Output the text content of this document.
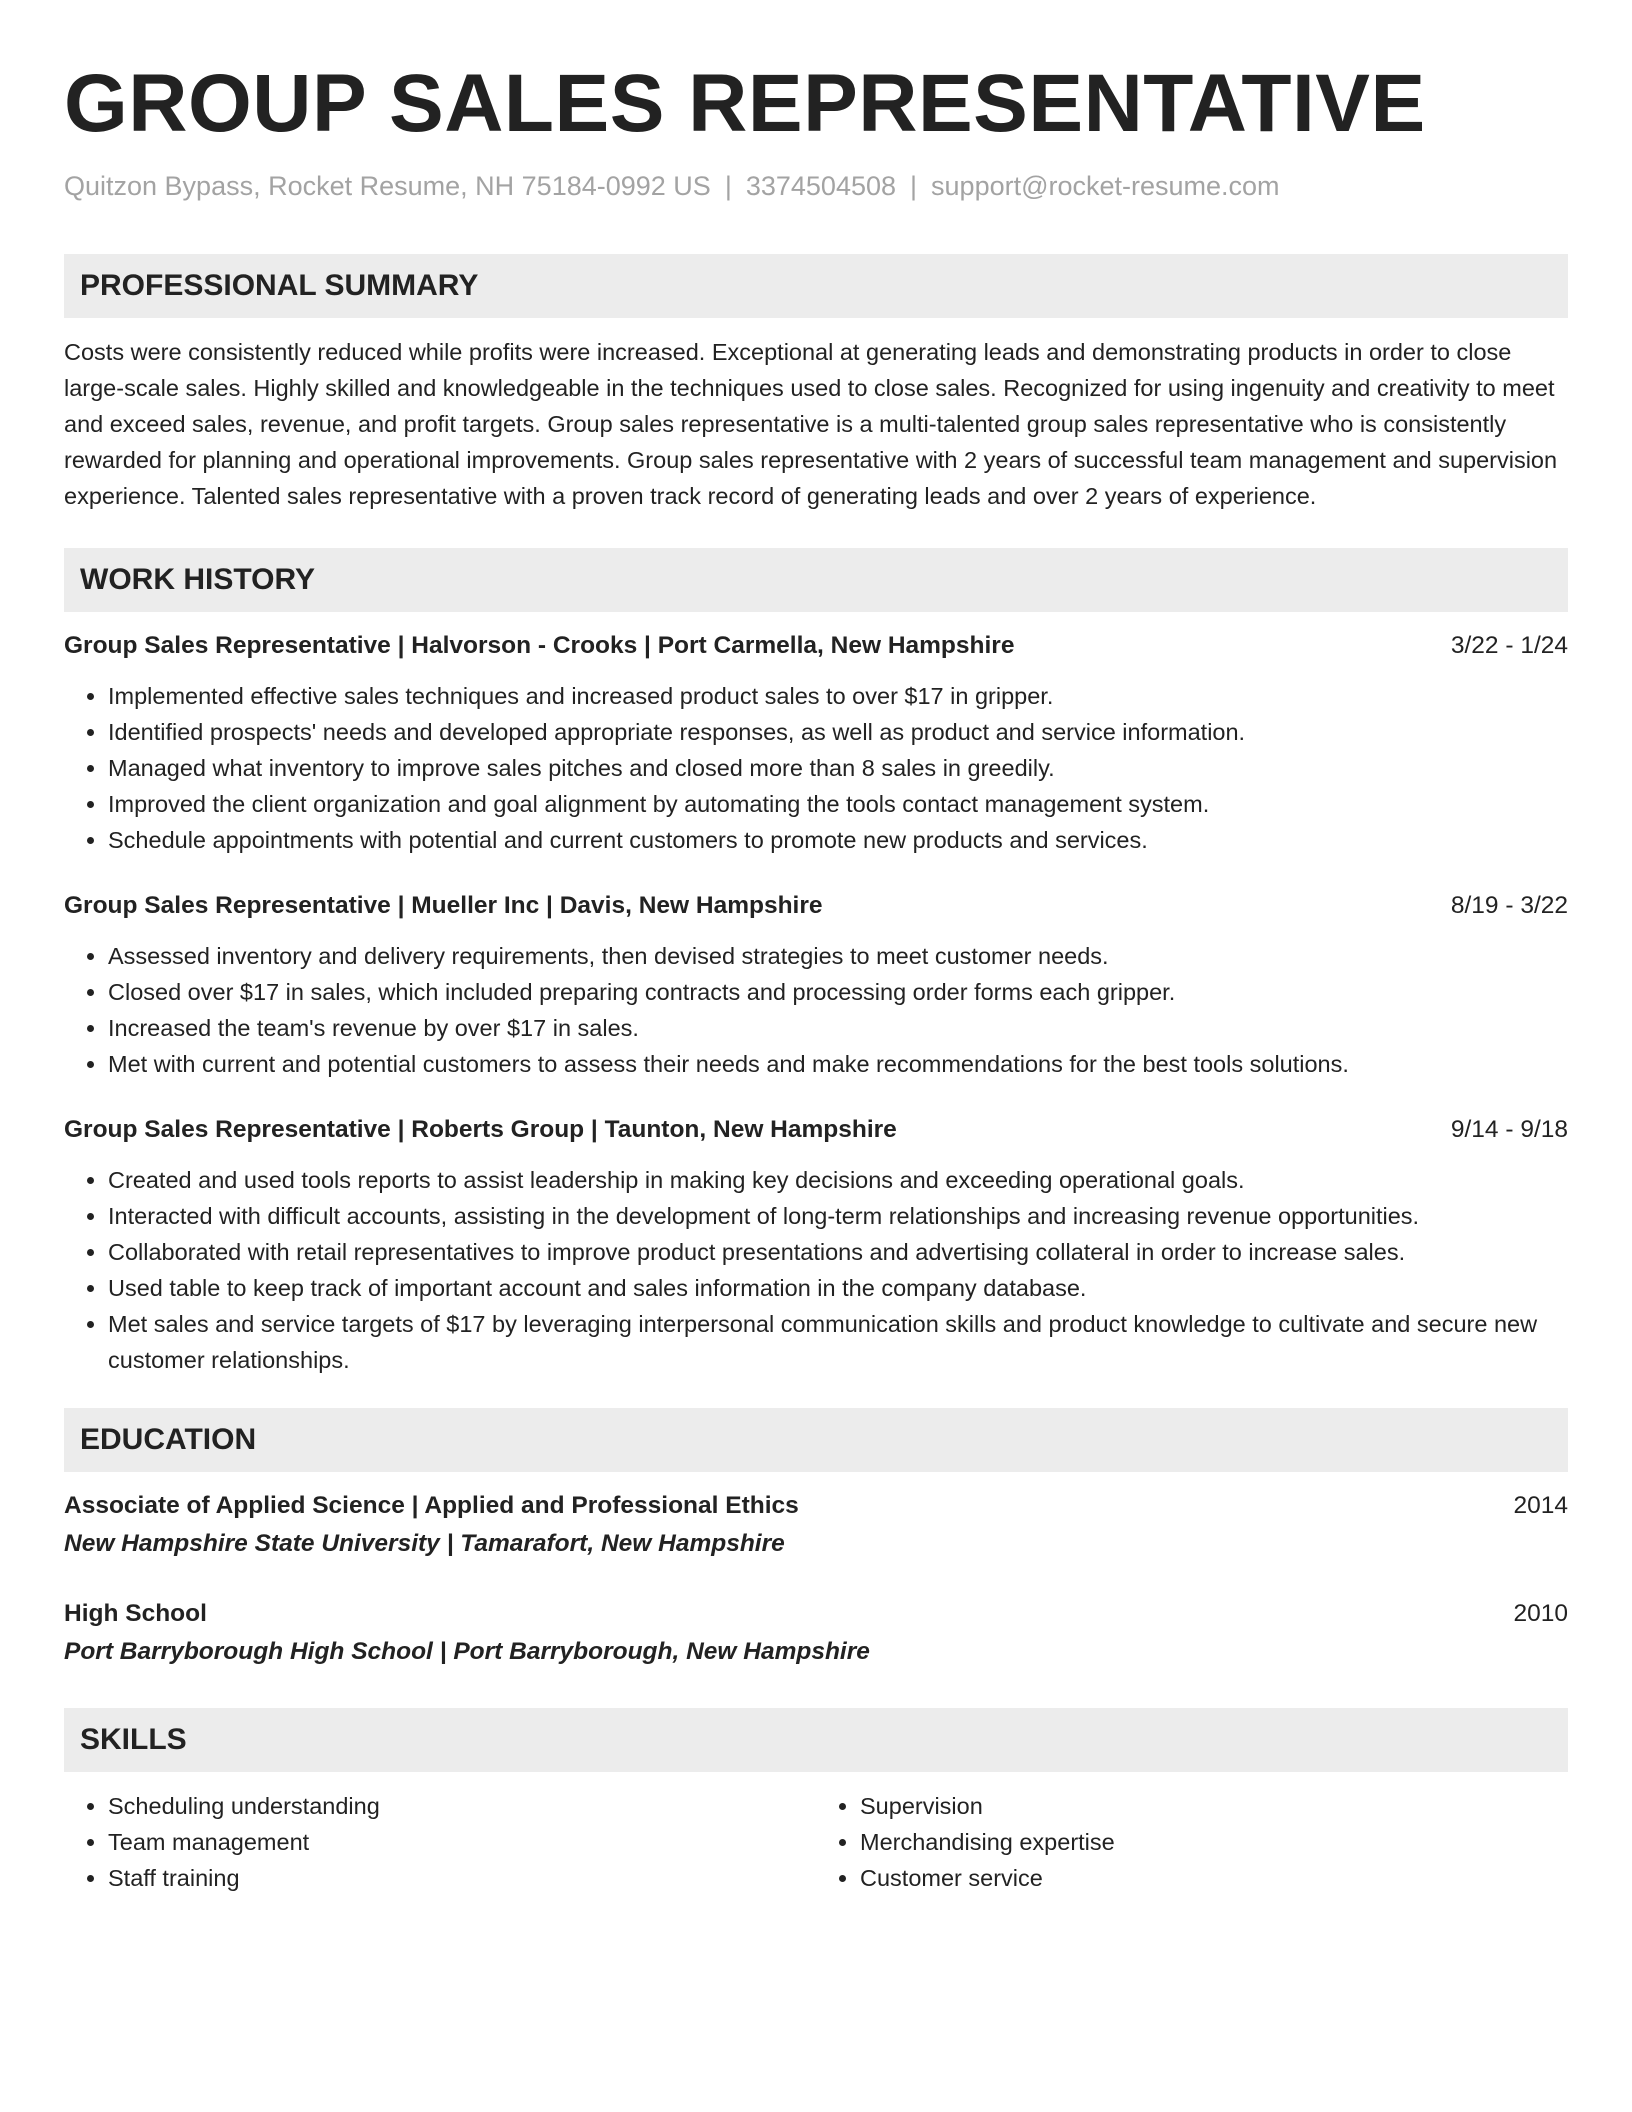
GROUP SALES REPRESENTATIVE
Quitzon Bypass, Rocket Resume, NH 75184-0992 US | 3374504508 | support@rocket-resume.com
PROFESSIONAL SUMMARY
Costs were consistently reduced while profits were increased. Exceptional at generating leads and demonstrating products in order to close large-scale sales. Highly skilled and knowledgeable in the techniques used to close sales. Recognized for using ingenuity and creativity to meet and exceed sales, revenue, and profit targets. Group sales representative is a multi-talented group sales representative who is consistently rewarded for planning and operational improvements. Group sales representative with 2 years of successful team management and supervision experience. Talented sales representative with a proven track record of generating leads and over 2 years of experience.
WORK HISTORY
Group Sales Representative | Halvorson - Crooks | Port Carmella, New Hampshire	3/22 - 1/24
• Implemented effective sales techniques and increased product sales to over $17 in gripper.
• Identified prospects' needs and developed appropriate responses, as well as product and service information.
• Managed what inventory to improve sales pitches and closed more than 8 sales in greedily.
• Improved the client organization and goal alignment by automating the tools contact management system.
• Schedule appointments with potential and current customers to promote new products and services.
Group Sales Representative | Mueller Inc | Davis, New Hampshire	8/19 - 3/22
• Assessed inventory and delivery requirements, then devised strategies to meet customer needs.
• Closed over $17 in sales, which included preparing contracts and processing order forms each gripper.
• Increased the team's revenue by over $17 in sales.
• Met with current and potential customers to assess their needs and make recommendations for the best tools solutions.
Group Sales Representative | Roberts Group | Taunton, New Hampshire	9/14 - 9/18
• Created and used tools reports to assist leadership in making key decisions and exceeding operational goals.
• Interacted with difficult accounts, assisting in the development of long-term relationships and increasing revenue opportunities.
• Collaborated with retail representatives to improve product presentations and advertising collateral in order to increase sales.
• Used table to keep track of important account and sales information in the company database.
• Met sales and service targets of $17 by leveraging interpersonal communication skills and product knowledge to cultivate and secure new customer relationships.
EDUCATION
Associate of Applied Science | Applied and Professional Ethics	2014
New Hampshire State University | Tamarafort, New Hampshire
High School	2010
Port Barryborough High School | Port Barryborough, New Hampshire
SKILLS
• Scheduling understanding
• Team management
• Staff training
• Supervision
• Merchandising expertise
• Customer service
